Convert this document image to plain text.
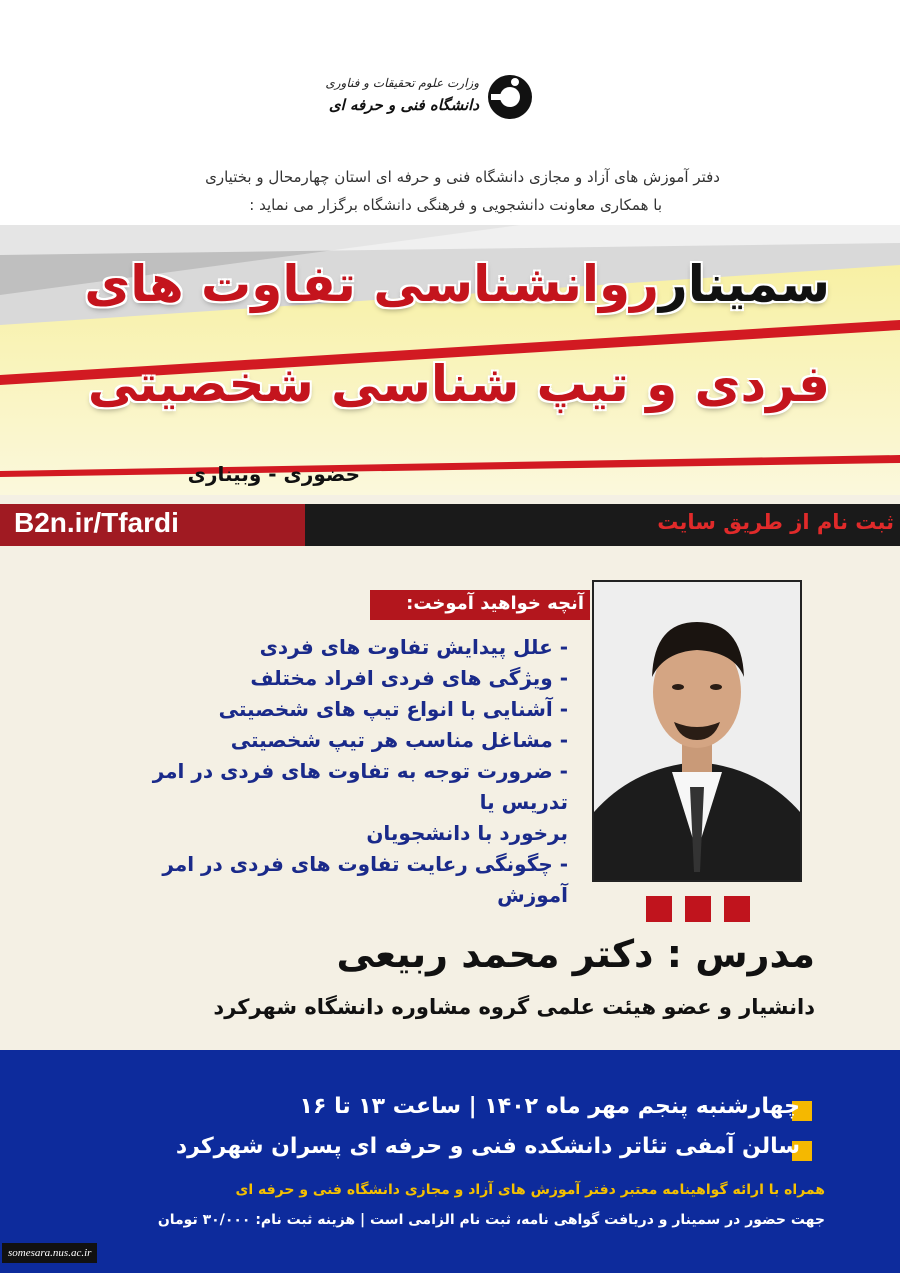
وزارت علوم تحقیقات و فناوری
دانشگاه فنی و حرفه ای
دفتر آموزش های آزاد و مجازی دانشگاه فنی و حرفه ای استان چهارمحال و بختیاری
با همکاری معاونت دانشجویی و فرهنگی دانشگاه برگزار می نماید :
سمینارروانشناسی تفاوت های
فردی و تیپ شناسی شخصیتی
حضوری - وبیناری
B2n.ir/Tfardi	ثبت نام از طریق سایت
آنچه خواهید آموخت:
- علل پیدایش تفاوت های فردی
- ویژگی های فردی افراد مختلف
- آشنایی با انواع تیپ های شخصیتی
- مشاغل مناسب هر تیپ شخصیتی
- ضرورت توجه به تفاوت های فردی در امر تدریس یا
برخورد با دانشجویان
- چگونگی رعایت تفاوت های فردی در امر آموزش
مدرس : دکتر محمد ربیعی
دانشیار و عضو هیئت علمی گروه مشاوره دانشگاه شهرکرد
چهارشنبه پنجم مهر ماه ۱۴۰۲ | ساعت ۱۳ تا ۱۶
سالن آمفی تئاتر دانشکده فنی و حرفه ای پسران شهرکرد
همراه با ارائه گواهینامه معتبر دفتر آموزش های آزاد و مجازی دانشگاه فنی و حرفه ای
جهت حضور در سمینار و دریافت گواهی نامه، ثبت نام الزامی است | هزینه ثبت نام: ۳۰/۰۰۰ تومان
somesara.nus.ac.ir
